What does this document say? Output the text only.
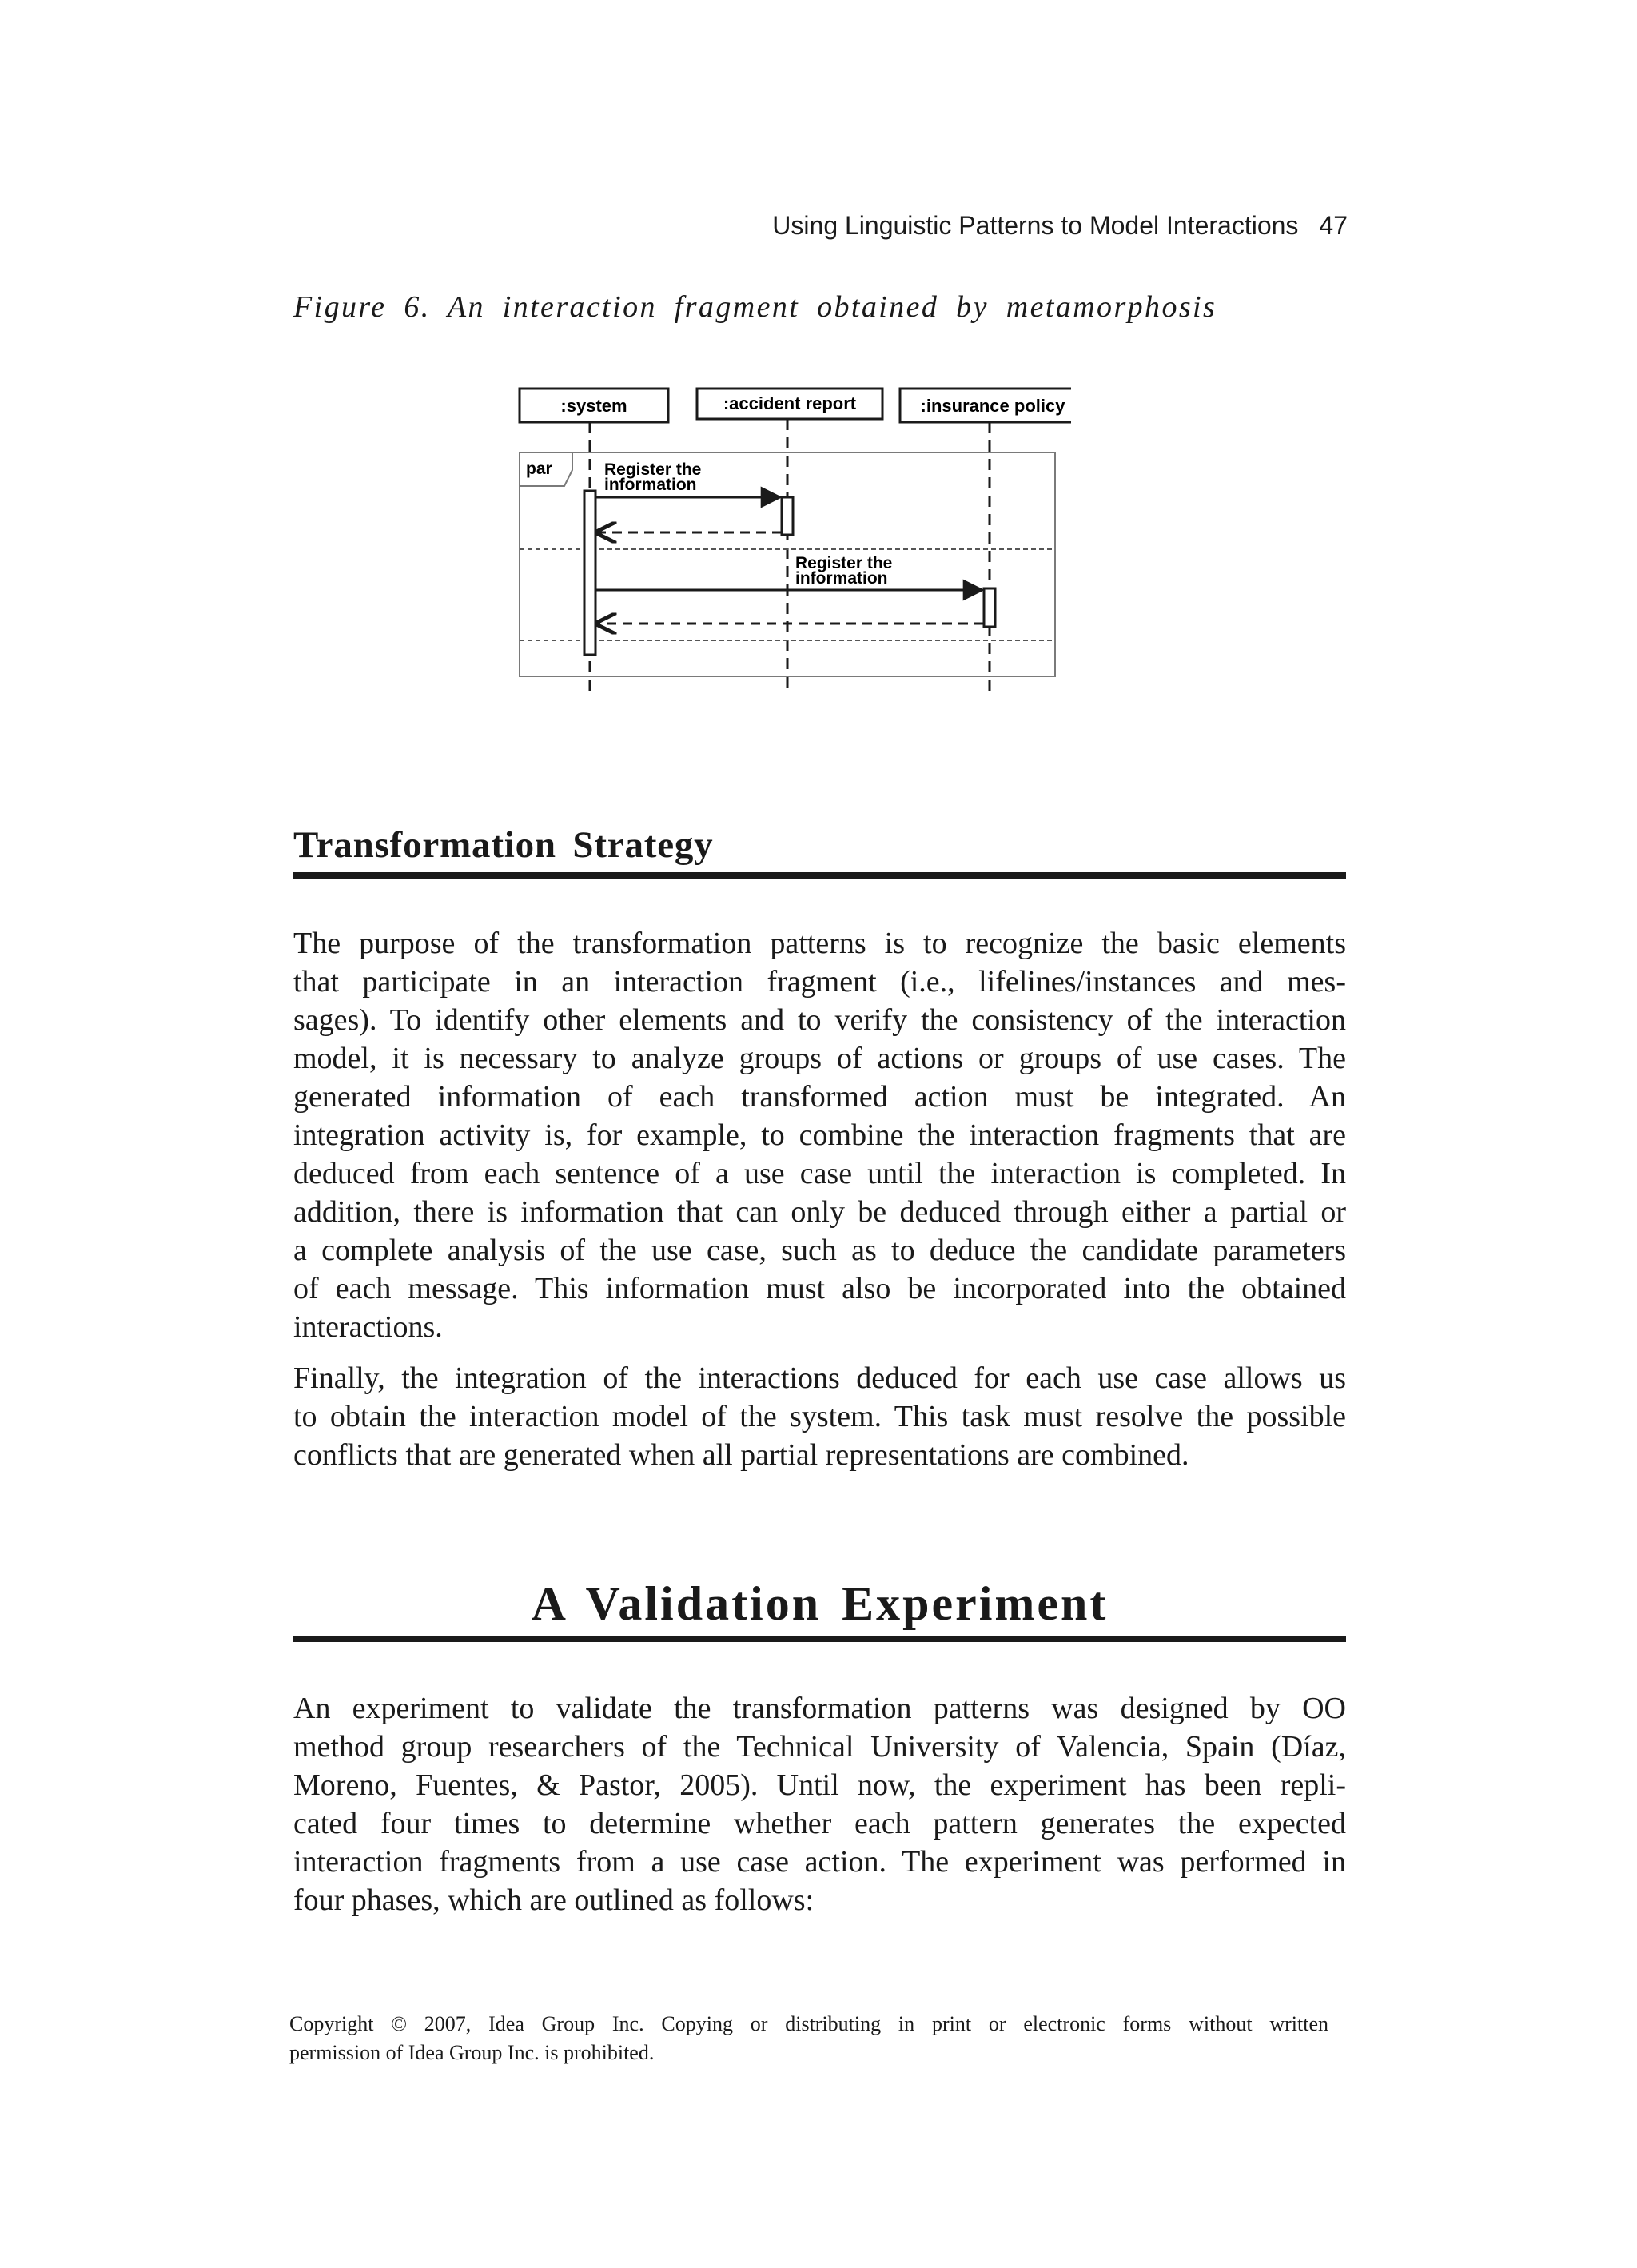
Using Linguistic Patterns to Model Interactions 47
Figure 6. An interaction fragment obtained by metamorphosis
:system	:accident report	:insurance policy
par	Register the
information
Register the
information
Transformation Strategy
The purpose of the transformation patterns is to recognize the basic elements
that participate in an interaction fragment (i.e., lifelines/instances and mes-
sages). To identify other elements and to verify the consistency of the interaction
model, it is necessary to analyze groups of actions or groups of use cases. The
generated information of each transformed action must be integrated. An
integration activity is, for example, to combine the interaction fragments that are
deduced from each sentence of a use case until the interaction is completed. In
addition, there is information that can only be deduced through either a partial or
a complete analysis of the use case, such as to deduce the candidate parameters
of each message. This information must also be incorporated into the obtained
interactions.
Finally, the integration of the interactions deduced for each use case allows us
to obtain the interaction model of the system. This task must resolve the possible
conflicts that are generated when all partial representations are combined.
A Validation Experiment
An experiment to validate the transformation patterns was designed by OO
method group researchers of the Technical University of Valencia, Spain (Díaz,
Moreno, Fuentes, & Pastor, 2005). Until now, the experiment has been repli-
cated four times to determine whether each pattern generates the expected
interaction fragments from a use case action. The experiment was performed in
four phases, which are outlined as follows:
Copyright © 2007, Idea Group Inc. Copying or distributing in print or electronic forms without written
permission of Idea Group Inc. is prohibited.
